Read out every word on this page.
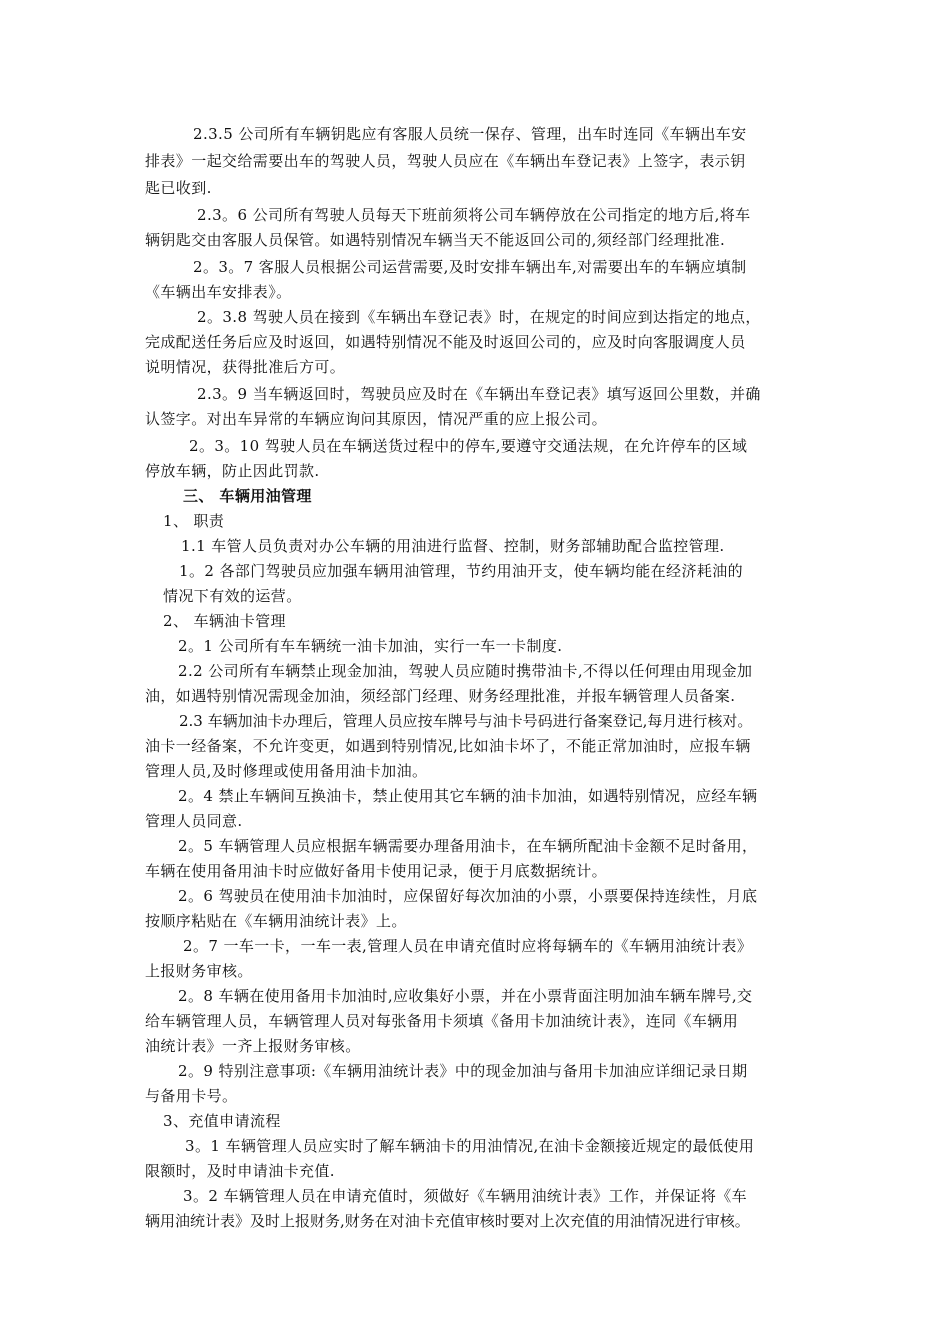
2.3.5 公司所有车辆钥匙应有客服人员统一保存、管理，出车时连同《车辆出车安
排表》一起交给需要出车的驾驶人员，驾驶人员应在《车辆出车登记表》上签字，表示钥
匙已收到.
2.3。6 公司所有驾驶人员每天下班前须将公司车辆停放在公司指定的地方后,将车
辆钥匙交由客服人员保管。如遇特别情况车辆当天不能返回公司的,须经部门经理批准.
2。3。7 客服人员根据公司运营需要,及时安排车辆出车,对需要出车的车辆应填制
《车辆出车安排表》。
2。3.8 驾驶人员在接到《车辆出车登记表》时，在规定的时间应到达指定的地点，
完成配送任务后应及时返回，如遇特别情况不能及时返回公司的，应及时向客服调度人员
说明情况，获得批准后方可。
2.3。9 当车辆返回时，驾驶员应及时在《车辆出车登记表》填写返回公里数，并确
认签字。对出车异常的车辆应询问其原因，情况严重的应上报公司。
2。3。10 驾驶人员在车辆送货过程中的停车,要遵守交通法规，在允许停车的区域
停放车辆，防止因此罚款.
三、 车辆用油管理
1、 职责
1.1 车管人员负责对办公车辆的用油进行监督、控制，财务部辅助配合监控管理.
1。2 各部门驾驶员应加强车辆用油管理，节约用油开支，使车辆均能在经济耗油的
情况下有效的运营。
2、 车辆油卡管理
2。1 公司所有车车辆统一油卡加油，实行一车一卡制度.
2.2 公司所有车辆禁止现金加油，驾驶人员应随时携带油卡,不得以任何理由用现金加
油，如遇特别情况需现金加油，须经部门经理、财务经理批准，并报车辆管理人员备案.
2.3 车辆加油卡办理后，管理人员应按车牌号与油卡号码进行备案登记,每月进行核对。
油卡一经备案，不允许变更，如遇到特别情况,比如油卡坏了，不能正常加油时，应报车辆
管理人员,及时修理或使用备用油卡加油。
2。4 禁止车辆间互换油卡，禁止使用其它车辆的油卡加油，如遇特别情况，应经车辆
管理人员同意.
2。5 车辆管理人员应根据车辆需要办理备用油卡，在车辆所配油卡金额不足时备用，
车辆在使用备用油卡时应做好备用卡使用记录，便于月底数据统计。
2。6 驾驶员在使用油卡加油时，应保留好每次加油的小票，小票要保持连续性，月底
按顺序粘贴在《车辆用油统计表》上。
2。7 一车一卡，一车一表,管理人员在申请充值时应将每辆车的《车辆用油统计表》
上报财务审核。
2。8 车辆在使用备用卡加油时,应收集好小票，并在小票背面注明加油车辆车牌号,交
给车辆管理人员，车辆管理人员对每张备用卡须填《备用卡加油统计表》，连同《车辆用
油统计表》一齐上报财务审核。
2。9 特别注意事项:《车辆用油统计表》中的现金加油与备用卡加油应详细记录日期
与备用卡号。
3、充值申请流程
3。1 车辆管理人员应实时了解车辆油卡的用油情况,在油卡金额接近规定的最低使用
限额时，及时申请油卡充值.
3。2 车辆管理人员在申请充值时，须做好《车辆用油统计表》工作，并保证将《车
辆用油统计表》及时上报财务,财务在对油卡充值审核时要对上次充值的用油情况进行审核。
